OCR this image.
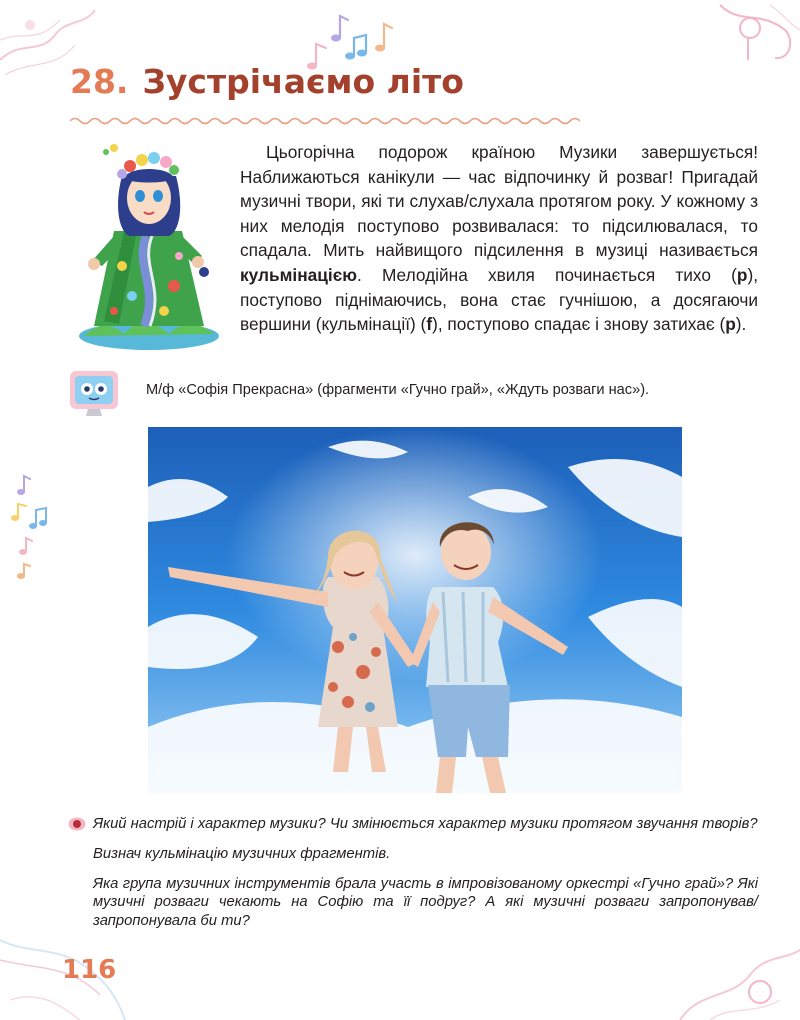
28. Зустрічаємо літо
Цьогорічна подорож країною Музики завершується! Наближаються канікули — час відпочинку й розваг! Пригадай музичні твори, які ти слухав/слухала протягом року. У кожному з них мелодія поступово розвивалася: то підсилювалася, то спадала. Мить найвищого підсилення в музиці називається кульмінацією. Мелодійна хвиля починається тихо (p), поступово піднімаючись, вона стає гучнішою, а досягаючи вершини (кульмінації) (f), поступово спадає і знову затихає (p).
М/ф «Софія Прекрасна» (фрагменти «Гучно грай», «Ждуть розваги нас»).

Який настрій і характер музики? Чи змінюється характер музики протягом звучання творів?

Визнач кульмінацію музичних фрагментів.

Яка група музичних інструментів брала участь в імпровізованому оркестрі «Гучно грай»? Які музичні розваги чекають на Софію та її подруг? А які музичні розваги запропонував/запропонувала би ти?

116
